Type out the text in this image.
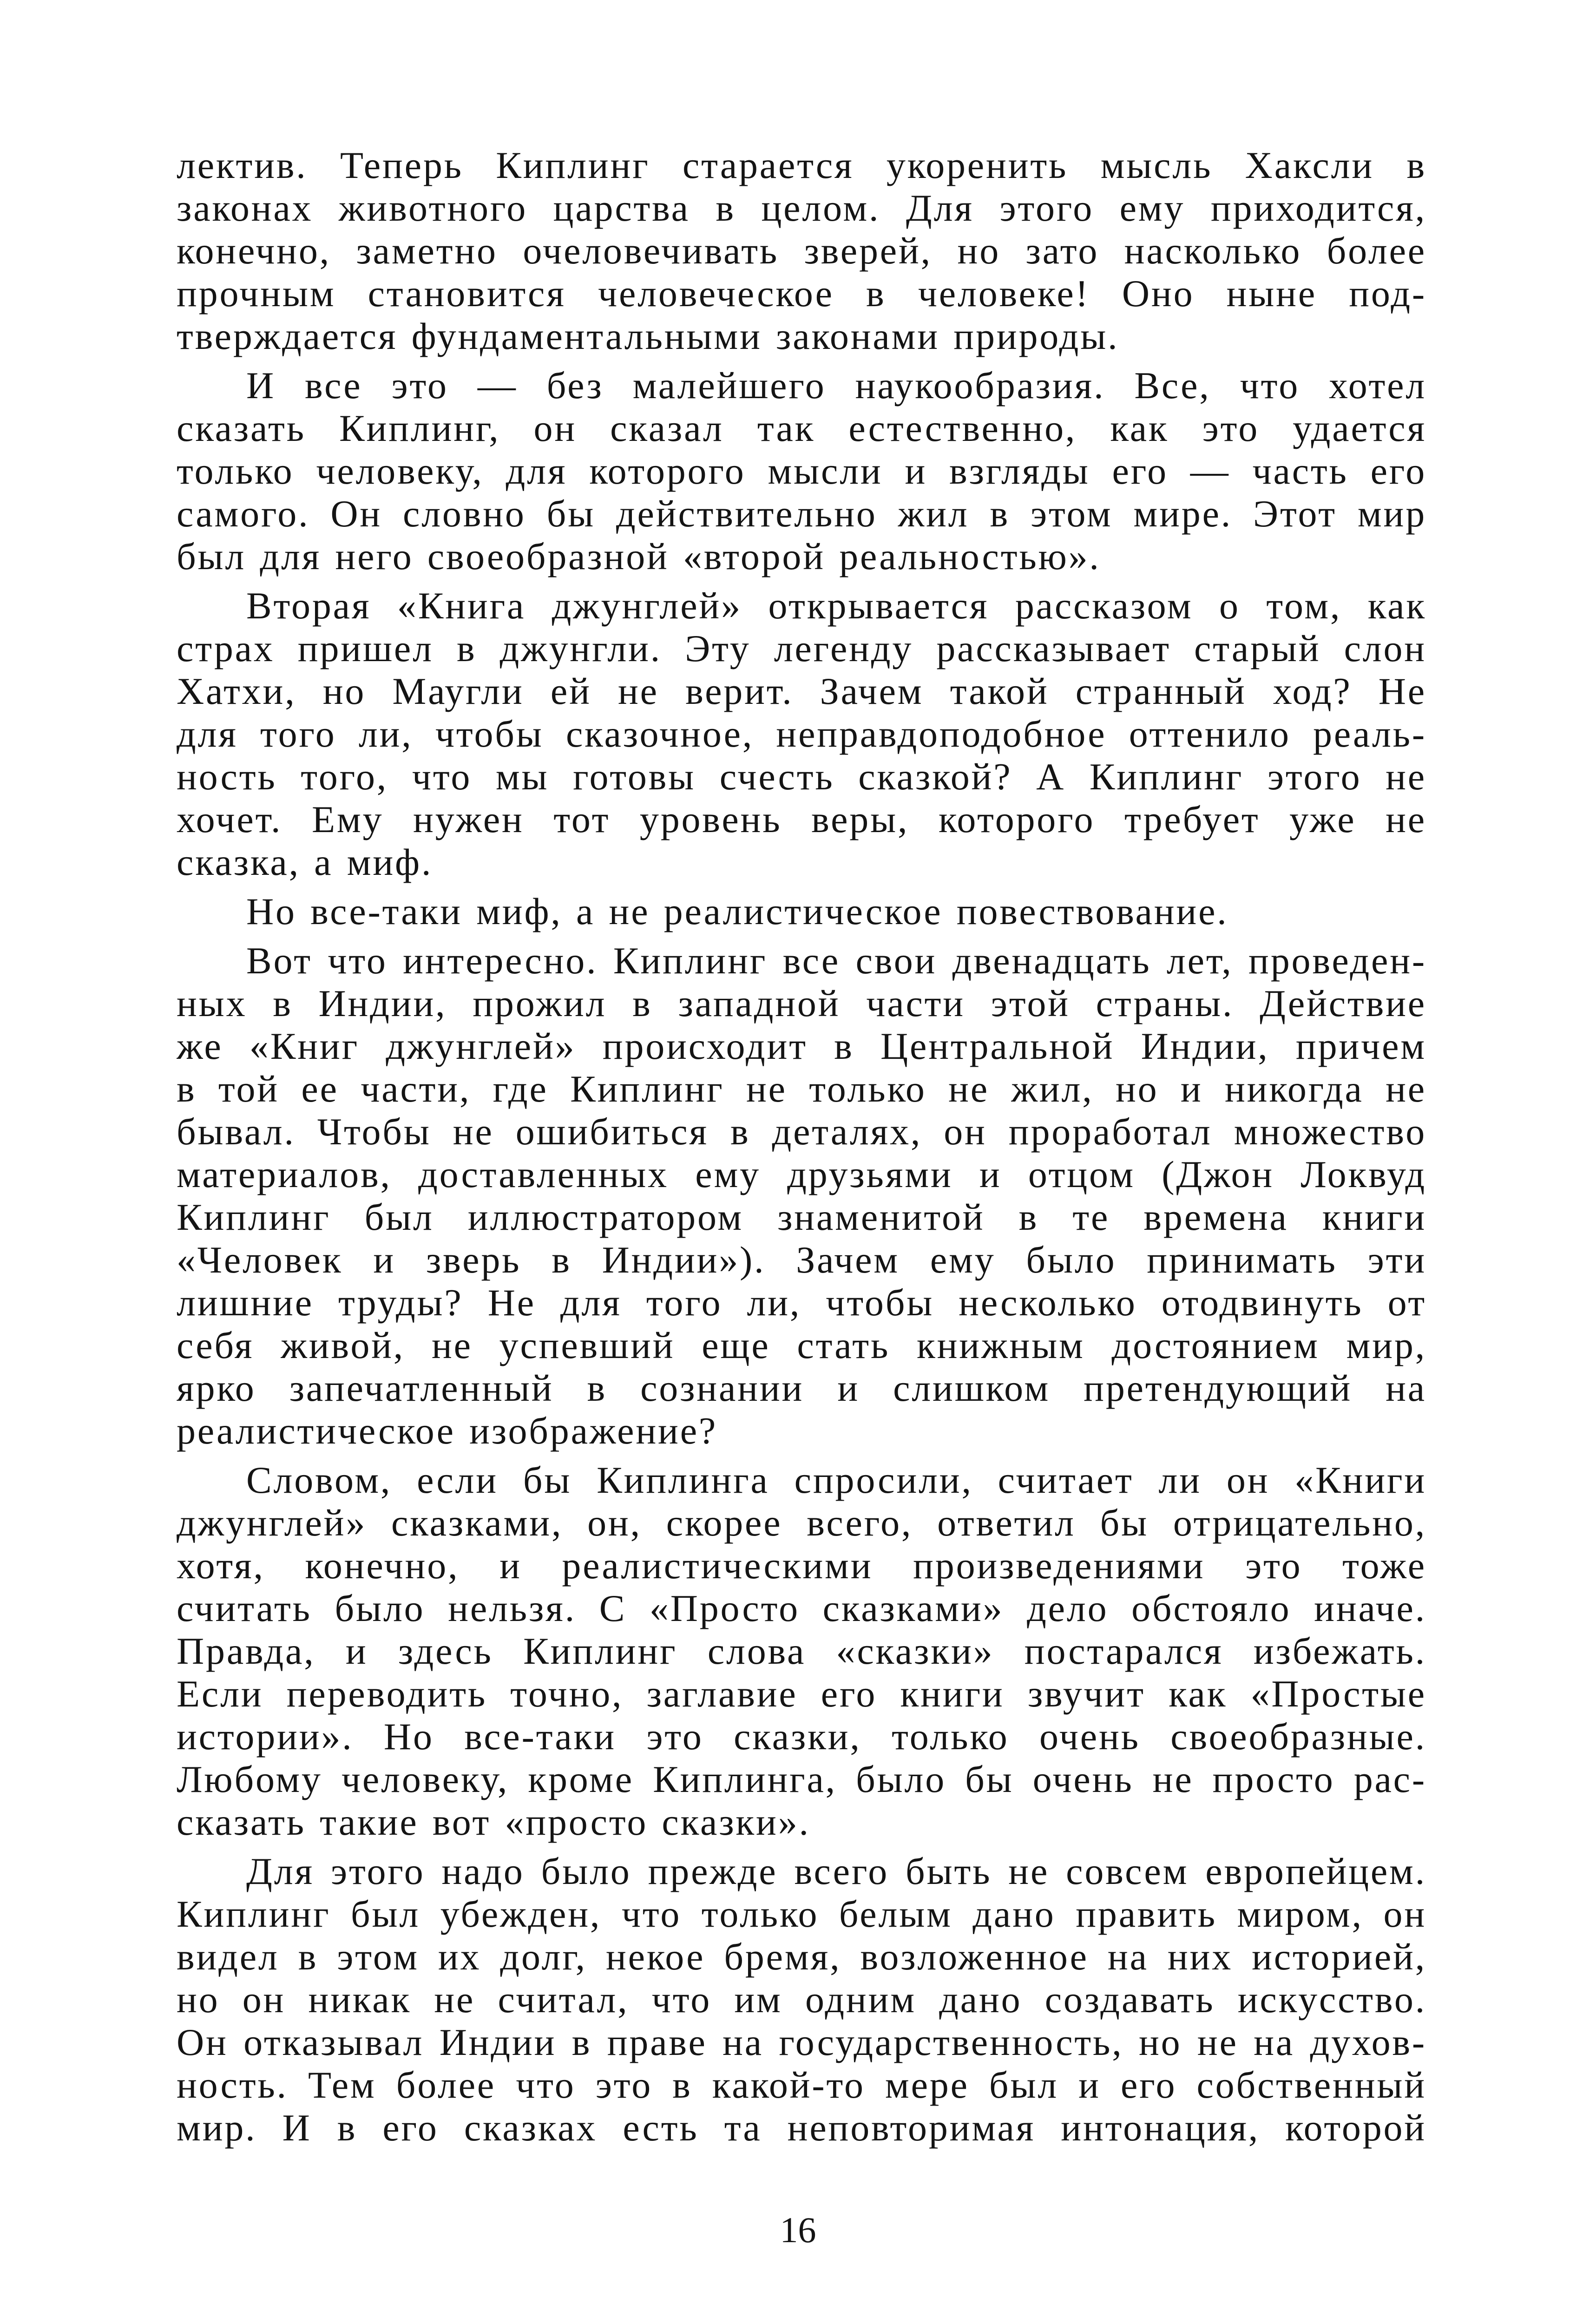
лектив. Теперь Киплинг старается укоренить мысль Хаксли в
законах животного царства в целом. Для этого ему приходится,
конечно, заметно очеловечивать зверей, но зато насколько более
прочным становится человеческое в человеке! Оно ныне под-
тверждается фундаментальными законами природы.
И все это — без малейшего наукообразия. Все, что хотел
сказать Киплинг, он сказал так естественно, как это удается
только человеку, для которого мысли и взгляды его — часть его
самого. Он словно бы действительно жил в этом мире. Этот мир
был для него своеобразной «второй реальностью».
Вторая «Книга джунглей» открывается рассказом о том, как
страх пришел в джунгли. Эту легенду рассказывает старый слон
Хатхи, но Маугли ей не верит. Зачем такой странный ход? Не
для того ли, чтобы сказочное, неправдоподобное оттенило реаль-
ность того, что мы готовы счесть сказкой? А Киплинг этого не
хочет. Ему нужен тот уровень веры, которого требует уже не
сказка, а миф.
Но все-таки миф, а не реалистическое повествование.
Вот что интересно. Киплинг все свои двенадцать лет, проведен-
ных в Индии, прожил в западной части этой страны. Действие
же «Книг джунглей» происходит в Центральной Индии, причем
в той ее части, где Киплинг не только не жил, но и никогда не
бывал. Чтобы не ошибиться в деталях, он проработал множество
материалов, доставленных ему друзьями и отцом (Джон Локвуд
Киплинг был иллюстратором знаменитой в те времена книги
«Человек и зверь в Индии»). Зачем ему было принимать эти
лишние труды? Не для того ли, чтобы несколько отодвинуть от
себя живой, не успевший еще стать книжным достоянием мир,
ярко запечатленный в сознании и слишком претендующий на
реалистическое изображение?
Словом, если бы Киплинга спросили, считает ли он «Книги
джунглей» сказками, он, скорее всего, ответил бы отрицательно,
хотя, конечно, и реалистическими произведениями это тоже
считать было нельзя. С «Просто сказками» дело обстояло иначе.
Правда, и здесь Киплинг слова «сказки» постарался избежать.
Если переводить точно, заглавие его книги звучит как «Простые
истории». Но все-таки это сказки, только очень своеобразные.
Любому человеку, кроме Киплинга, было бы очень не просто рас-
сказать такие вот «просто сказки».
Для этого надо было прежде всего быть не совсем европейцем.
Киплинг был убежден, что только белым дано править миром, он
видел в этом их долг, некое бремя, возложенное на них историей,
но он никак не считал, что им одним дано создавать искусство.
Он отказывал Индии в праве на государственность, но не на духов-
ность. Тем более что это в какой-то мере был и его собственный
мир. И в его сказках есть та неповторимая интонация, которой
16
